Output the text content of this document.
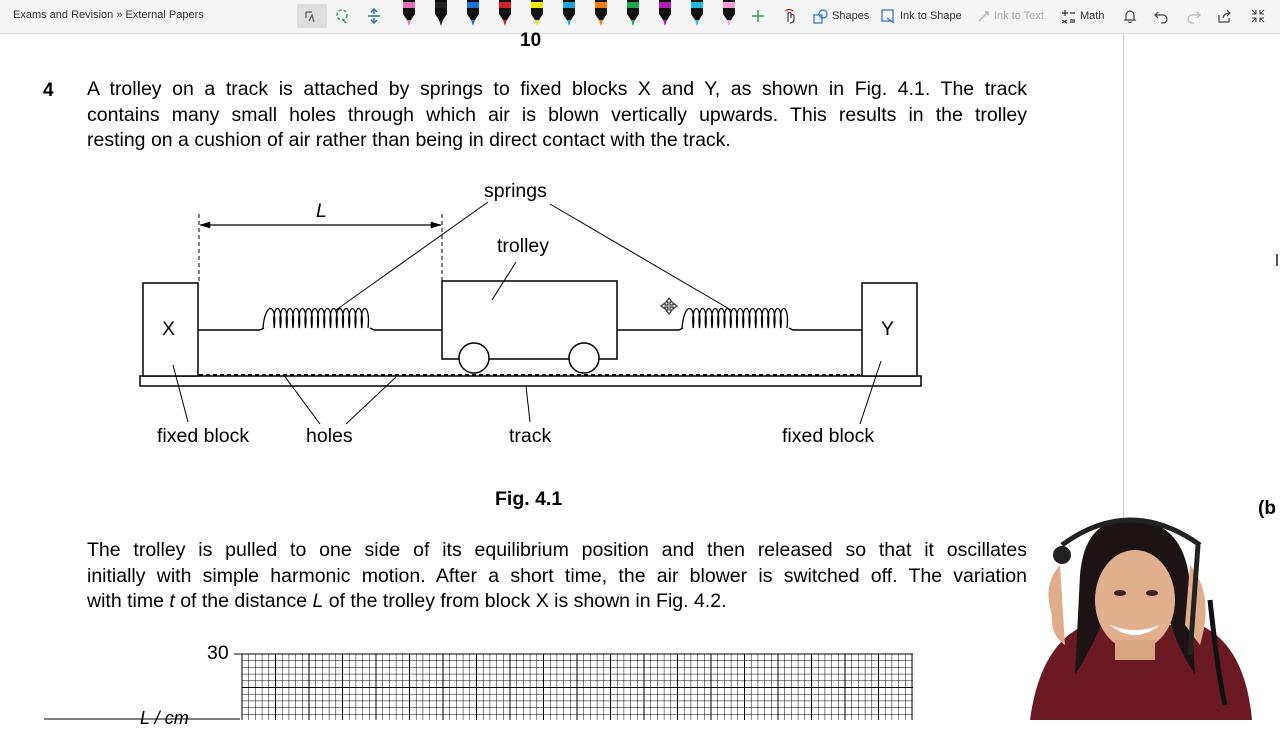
Exams and Revision » External Papers	Shapes	Ink to Shape	Ink to Text	Math
10
4 A trolley on a track is attached by springs to fixed blocks X and Y, as shown in Fig. 4.1. The track
contains many small holes through which air is blown vertically upwards. This results in the trolley
resting on a cushion of air rather than being in direct contact with the track.
springs
trolley
L
X	Y
fixed block	holes	track	fixed block
Fig. 4.1
The trolley is pulled to one side of its equilibrium position and then released so that it oscillates
initially with simple harmonic motion. After a short time, the air blower is switched off. The variation
with time t of the distance L of the trolley from block X is shown in Fig. 4.2.
30
L / cm
(b
